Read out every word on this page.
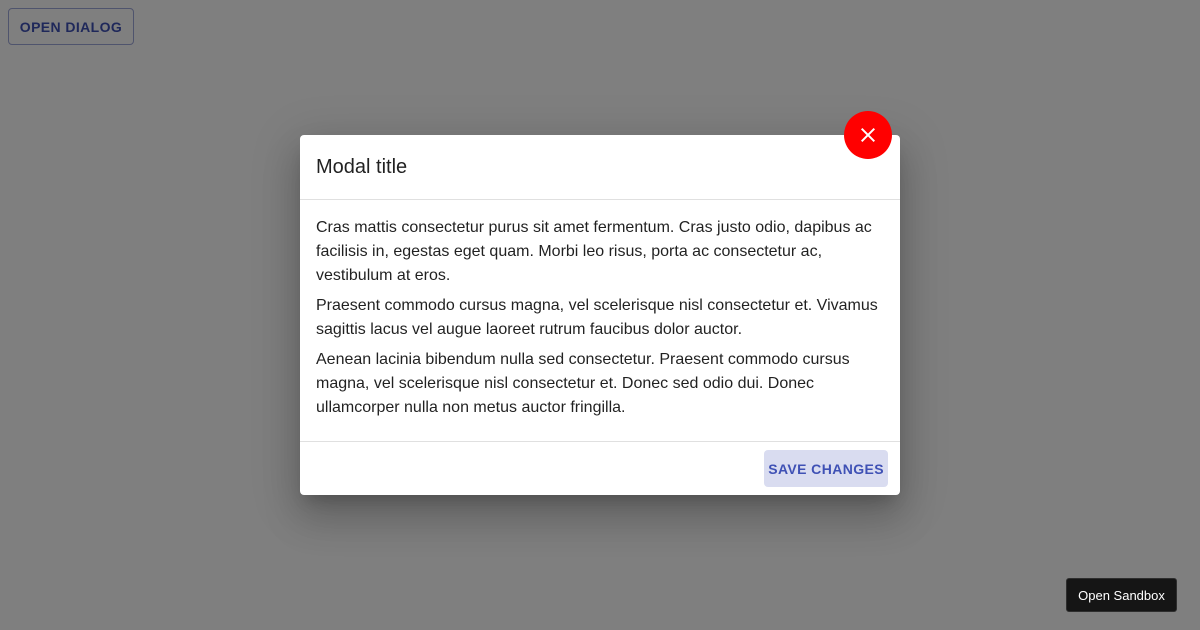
Modal title

Cras mattis consectetur purus sit amet fermentum. Cras justo odio, dapibus ac facilisis in, egestas eget quam. Morbi leo risus, porta ac consectetur ac, vestibulum at eros.

Praesent commodo cursus magna, vel scelerisque nisl consectetur et. Vivamus sagittis lacus vel augue laoreet rutrum faucibus dolor auctor.

Aenean lacinia bibendum nulla sed consectetur. Praesent commodo cursus magna, vel scelerisque nisl consectetur et. Donec sed odio dui. Donec ullamcorper nulla non metus auctor fringilla.

SAVE CHANGES
Open Sandbox
